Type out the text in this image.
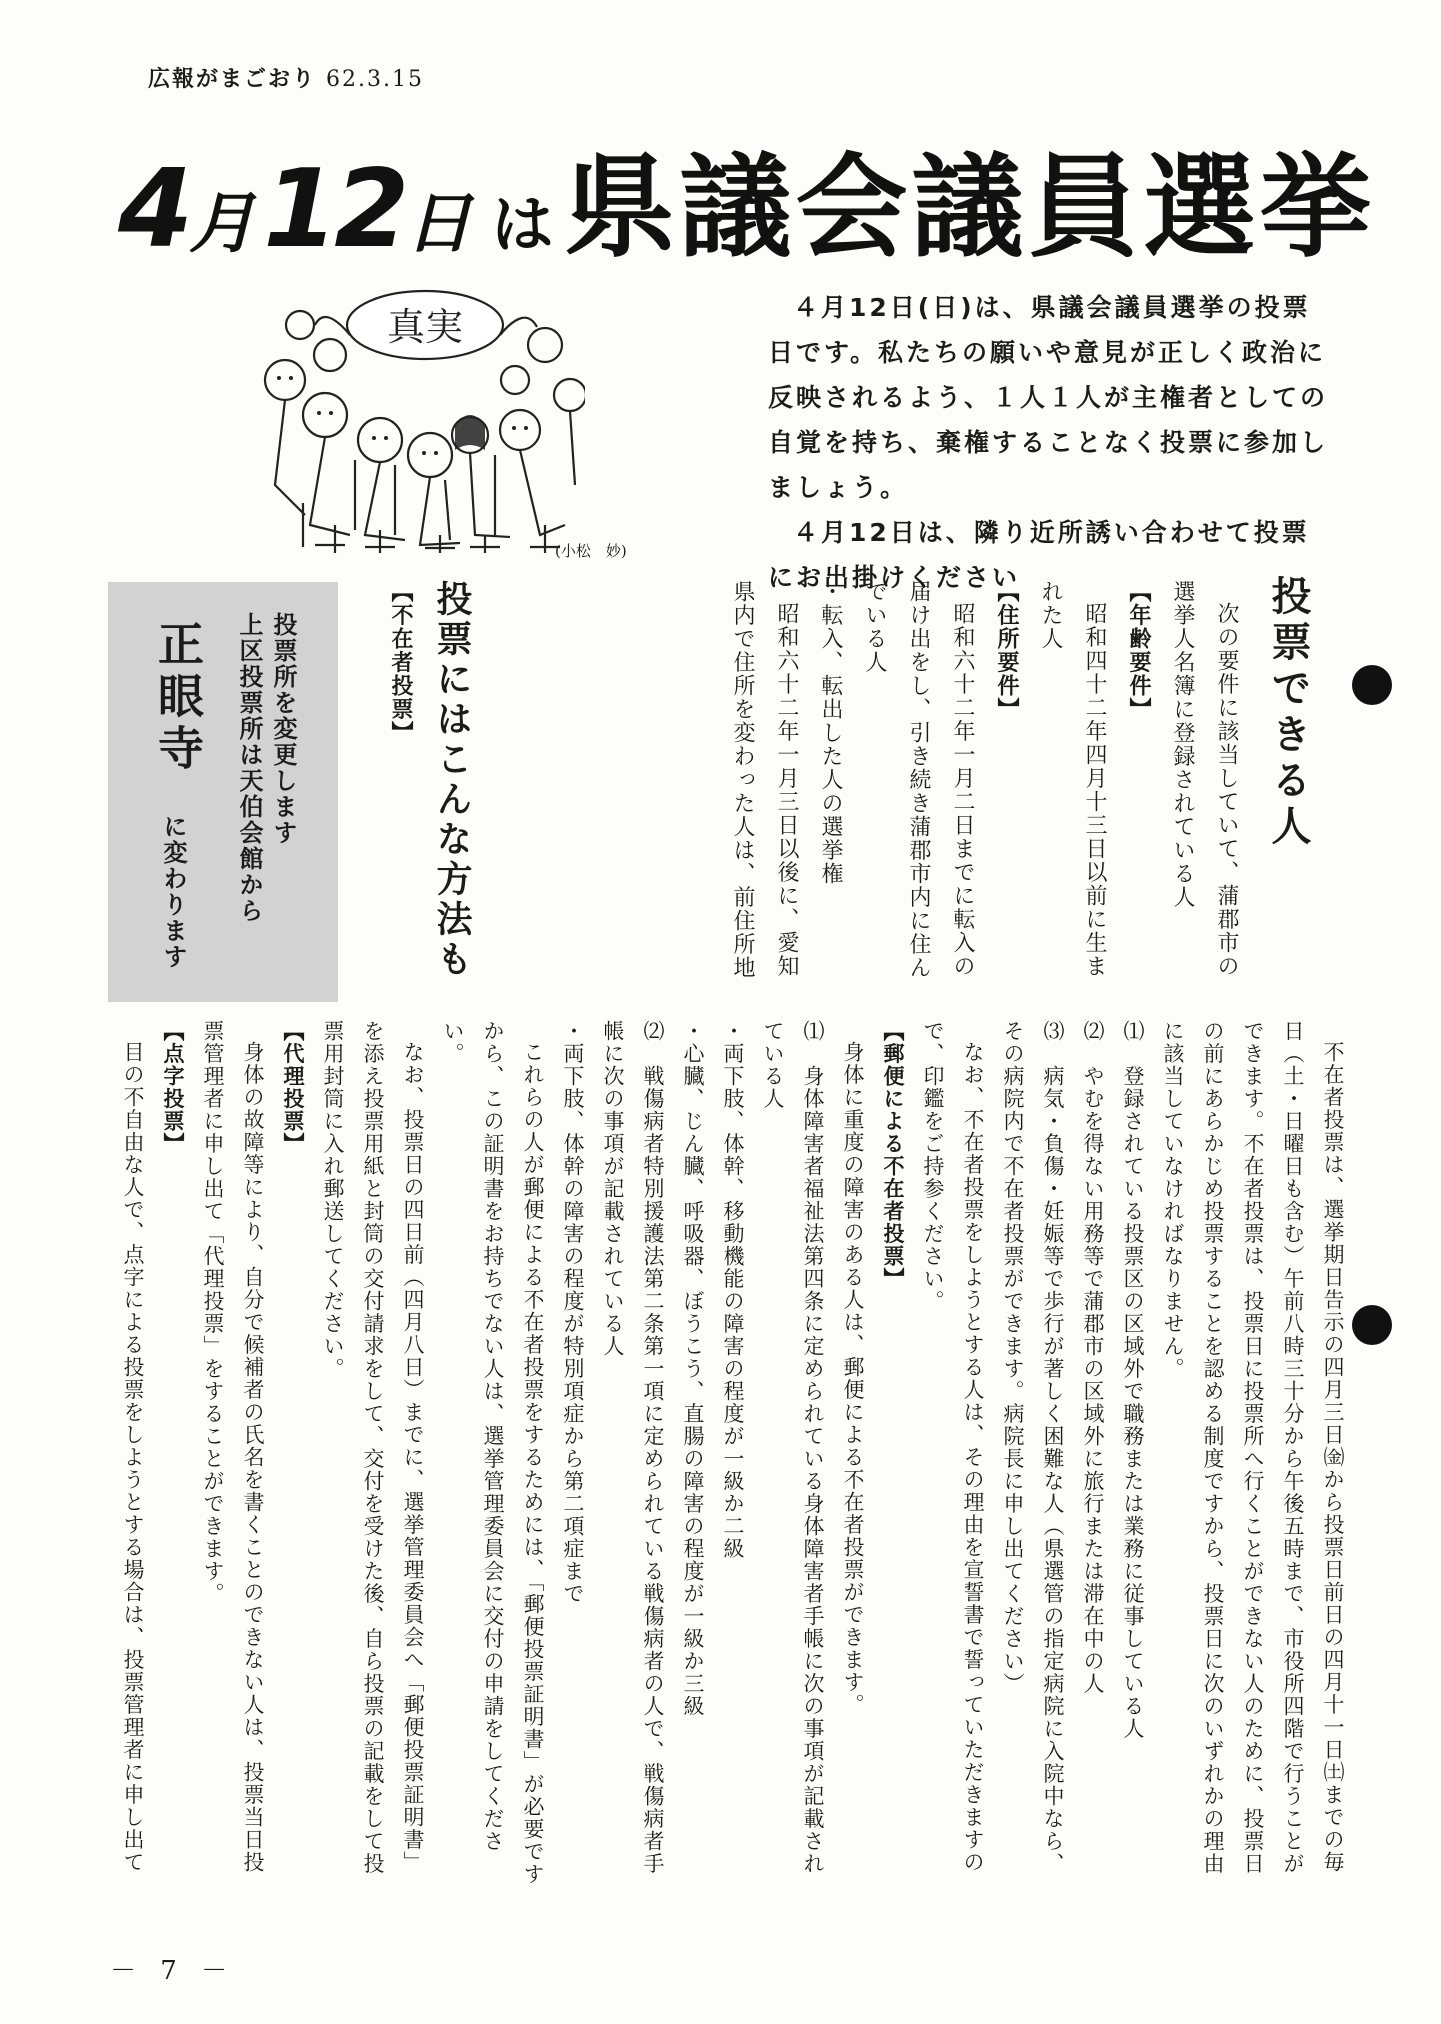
広報がまごおり 62.3.15
4月12日 は県議会議員選挙
真実
(小松　妙)

４月12日(日)は、県議会議員選挙の投票日です。私たちの願いや意見が正しく政治に反映されるよう、１人１人が主権者としての自覚を持ち、棄権することなく投票に参加しましょう。

４月12日は、隣り近所誘い合わせて投票にお出掛けください

投票所を変更します
上区投票所は天伯会館から
正眼寺
に変わります
投票できる人

次の要件に該当していて、蒲郡市の選挙人名簿に登録されている人

【年齢要件】

昭和四十二年四月十三日以前に生まれた人

【住所要件】

昭和六十二年一月二日までに転入の届け出をし、引き続き蒲郡市内に住んでいる人

・転入、転出した人の選挙権

昭和六十二年一月三日以後に、愛知県内で住所を変わった人は、前住所地

投票にはこんな方法も

【不在者投票】

不在者投票は、選挙期日告示の四月三日㈮から投票日前日の四月十一日㈯までの毎日（土・日曜日も含む）午前八時三十分から午後五時まで、市役所四階で行うことができます。不在者投票は、投票日に投票所へ行くことができない人のために、投票日の前にあらかじめ投票することを認める制度ですから、投票日に次のいずれかの理由に該当していなければなりません。

⑴　登録されている投票区の区域外で職務または業務に従事している人

⑵　やむを得ない用務等で蒲郡市の区域外に旅行または滞在中の人

⑶　病気・負傷・妊娠等で歩行が著しく困難な人（県選管の指定病院に入院中なら、その病院内で不在者投票ができます。病院長に申し出てください）

なお、不在者投票をしようとする人は、その理由を宣誓書で誓っていただきますので、印鑑をご持参ください。

【郵便による不在者投票】

身体に重度の障害のある人は、郵便による不在者投票ができます。

⑴　身体障害者福祉法第四条に定められている身体障害者手帳に次の事項が記載されている人

・両下肢、体幹、移動機能の障害の程度が一級か二級

・心臓、じん臓、呼吸器、ぼうこう、直腸の障害の程度が一級か三級

⑵　戦傷病者特別援護法第二条第一項に定められている戦傷病者の人で、戦傷病者手帳に次の事項が記載されている人

・両下肢、体幹の障害の程度が特別項症から第二項症まで

これらの人が郵便による不在者投票をするためには、「郵便投票証明書」が必要ですから、この証明書をお持ちでない人は、選挙管理委員会に交付の申請をしてください。

なお、投票日の四日前（四月八日）までに、選挙管理委員会へ「郵便投票証明書」を添え投票用紙と封筒の交付請求をして、交付を受けた後、自ら投票の記載をして投票用封筒に入れ郵送してください。

【代理投票】

身体の故障等により、自分で候補者の氏名を書くことのできない人は、投票当日投票管理者に申し出て「代理投票」をすることができます。

【点字投票】

目の不自由な人で、点字による投票をしようとする場合は、投票管理者に申し出て

－ 7 －
